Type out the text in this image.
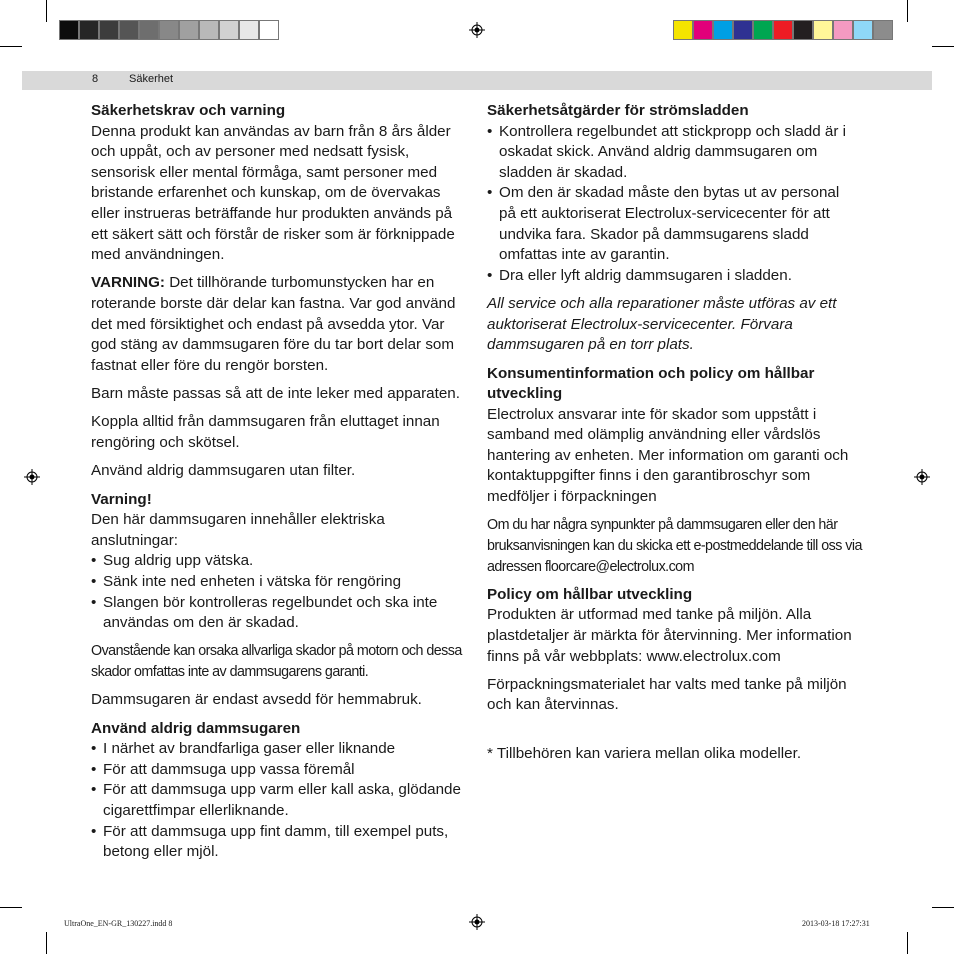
8	Säkerhet
Säkerhetskrav och varning

Denna produkt kan användas av barn från 8 års ålder och uppåt, och av personer med nedsatt fysisk, sensorisk eller mental förmåga, samt personer med bristande erfarenhet och kunskap, om de övervakas eller instrueras beträffande hur produkten används på ett säkert sätt och förstår de risker som är förknippade med användningen.

VARNING: Det tillhörande turbomunstycken har en roterande borste där delar kan fastna. Var god använd det med försiktighet och endast på avsedda ytor. Var god stäng av dammsugaren före du tar bort delar som fastnat eller före du rengör borsten.

Barn måste passas så att de inte leker med apparaten.

Koppla alltid från dammsugaren från eluttaget innan rengöring och skötsel.

Använd aldrig dammsugaren utan filter.

Varning!
Den här dammsugaren innehåller elektriska anslutningar:
• Sug aldrig upp vätska.
• Sänk inte ned enheten i vätska för rengöring
• Slangen bör kontrolleras regelbundet och ska inte användas om den är skadad.

Ovanstående kan orsaka allvarliga skador på motorn och dessa skador omfattas inte av dammsugarens garanti.

Dammsugaren är endast avsedd för hemmabruk.

Använd aldrig dammsugaren
• I närhet av brandfarliga gaser eller liknande
• För att dammsuga upp vassa föremål
• För att dammsuga upp varm eller kall aska, glödande cigarettfimpar ellerliknande.
• För att dammsuga upp fint damm, till exempel puts, betong eller mjöl.
Säkerhetsåtgärder för strömsladden
• Kontrollera regelbundet att stickpropp och sladd är i oskadat skick. Använd aldrig dammsugaren om sladden är skadad.
• Om den är skadad måste den bytas ut av personal på ett auktoriserat Electrolux-servicecenter för att undvika fara. Skador på dammsugarens sladd omfattas inte av garantin.
• Dra eller lyft aldrig dammsugaren i sladden.

All service och alla reparationer måste utföras av ett auktoriserat Electrolux-servicecenter. Förvara dammsugaren på en torr plats.

Konsumentinformation och policy om hållbar utveckling

Electrolux ansvarar inte för skador som uppstått i samband med olämplig användning eller vårdslös hantering av enheten. Mer information om garanti och kontaktuppgifter finns i den garantibroschyr som medföljer i förpackningen

Om du har några synpunkter på dammsugaren eller den här bruksanvisningen kan du skicka ett e-postmeddelande till oss via adressen floorcare@electrolux.com

Policy om hållbar utveckling

Produkten är utformad med tanke på miljön. Alla plastdetaljer är märkta för återvinning. Mer information finns på vår webbplats: www.electrolux.com

Förpackningsmaterialet har valts med tanke på miljön och kan återvinnas.

* Tillbehören kan variera mellan olika modeller.

UltraOne_EN-GR_130227.indd 8	2013-03-18 17:27:31
